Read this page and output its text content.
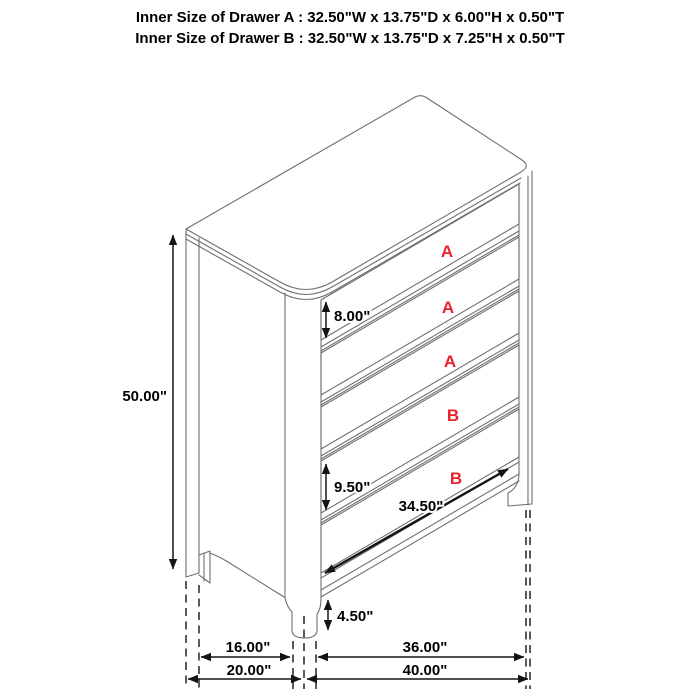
Inner Size of Drawer A : 32.50"W x 13.75"D x 6.00"H x 0.50"T
Inner Size of Drawer B : 32.50"W x 13.75"D x 7.25"H x 0.50"T
A
A
A
B
B
50.00"
8.00"
9.50"
34.50"
4.50"
16.00"	36.00"
20.00"	40.00"
